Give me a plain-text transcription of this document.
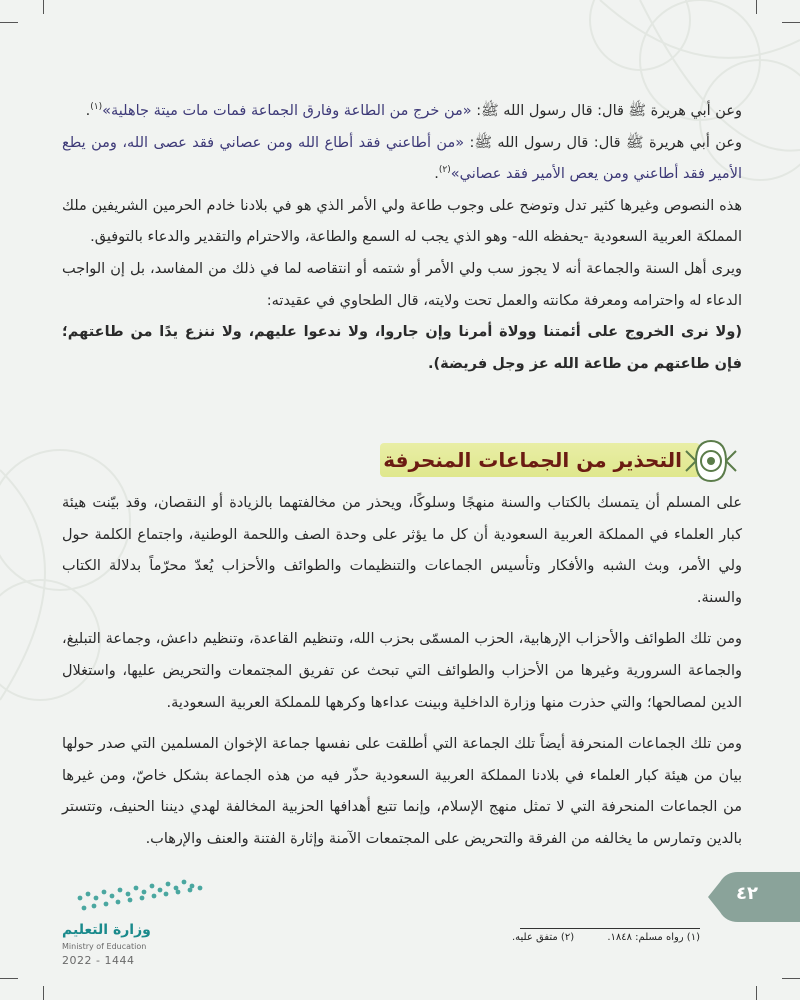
وعن أبي هريرة ﷺ قال: قال رسول الله ﷺ: «من خرج من الطاعة وفارق الجماعة فمات مات ميتة جاهلية»$^{(١)}$.

وعن أبي هريرة ﷺ قال: قال رسول الله ﷺ: «من أطاعني فقد أطاع الله ومن عصاني فقد عصى الله، ومن يطع الأمير فقد أطاعني ومن يعص الأمير فقد عصاني»$^{(٢)}$.

هذه النصوص وغيرها كثير تدل وتوضح على وجوب طاعة ولي الأمر الذي هو في بلادنا خادم الحرمين الشريفين ملك المملكة العربية السعودية -يحفظه الله- وهو الذي يجب له السمع والطاعة، والاحترام والتقدير والدعاء بالتوفيق.

ويرى أهل السنة والجماعة أنه لا يجوز سب ولي الأمر أو شتمه أو انتقاصه لما في ذلك من المفاسد، بل إن الواجب الدعاء له واحترامه ومعرفة مكانته والعمل تحت ولايته، قال الطحاوي في عقيدته:

(ولا نرى الخروج على أئمتنا وولاة أمرنا وإن جاروا، ولا ندعوا عليهم، ولا ننزع يدًا من طاعتهم؛ فإن طاعتهم من طاعة الله عز وجل فريضة).

التحذير من الجماعات المنحرفة

على المسلم أن يتمسك بالكتاب والسنة منهجًا وسلوكًا، ويحذر من مخالفتهما بالزيادة أو النقصان، وقد بيّنت هيئة كبار العلماء في المملكة العربية السعودية أن كل ما يؤثر على وحدة الصف واللحمة الوطنية، واجتماع الكلمة حول ولي الأمر، وبث الشبه والأفكار وتأسيس الجماعات والتنظيمات والطوائف والأحزاب يُعدّ محرّماً بدلالة الكتاب والسنة.

ومن تلك الطوائف والأحزاب الإرهابية، الحزب المسمّى بحزب الله، وتنظيم القاعدة، وتنظيم داعش، وجماعة التبليغ، والجماعة السرورية وغيرها من الأحزاب والطوائف التي تبحث عن تفريق المجتمعات والتحريض عليها، واستغلال الدين لمصالحها؛ والتي حذرت منها وزارة الداخلية وبينت عداءها وكرهها للمملكة العربية السعودية.

ومن تلك الجماعات المنحرفة أيضاً تلك الجماعة التي أطلقت على نفسها جماعة الإخوان المسلمين التي صدر حولها بيان من هيئة كبار العلماء في بلادنا المملكة العربية السعودية حذّر فيه من هذه الجماعة بشكل خاصّ، ومن غيرها من الجماعات المنحرفة التي لا تمثل منهج الإسلام، وإنما تتبع أهدافها الحزبية المخالفة لهدي ديننا الحنيف، وتتستر بالدين وتمارس ما يخالفه من الفرقة والتحريض على المجتمعات الآمنة وإثارة الفتنة والعنف والإرهاب.

٤٢
(١) رواه مسلم: ١٨٤٨. (٢) متفق عليه.
وزارة التعليم
Ministry of Education
2022 - 1444
